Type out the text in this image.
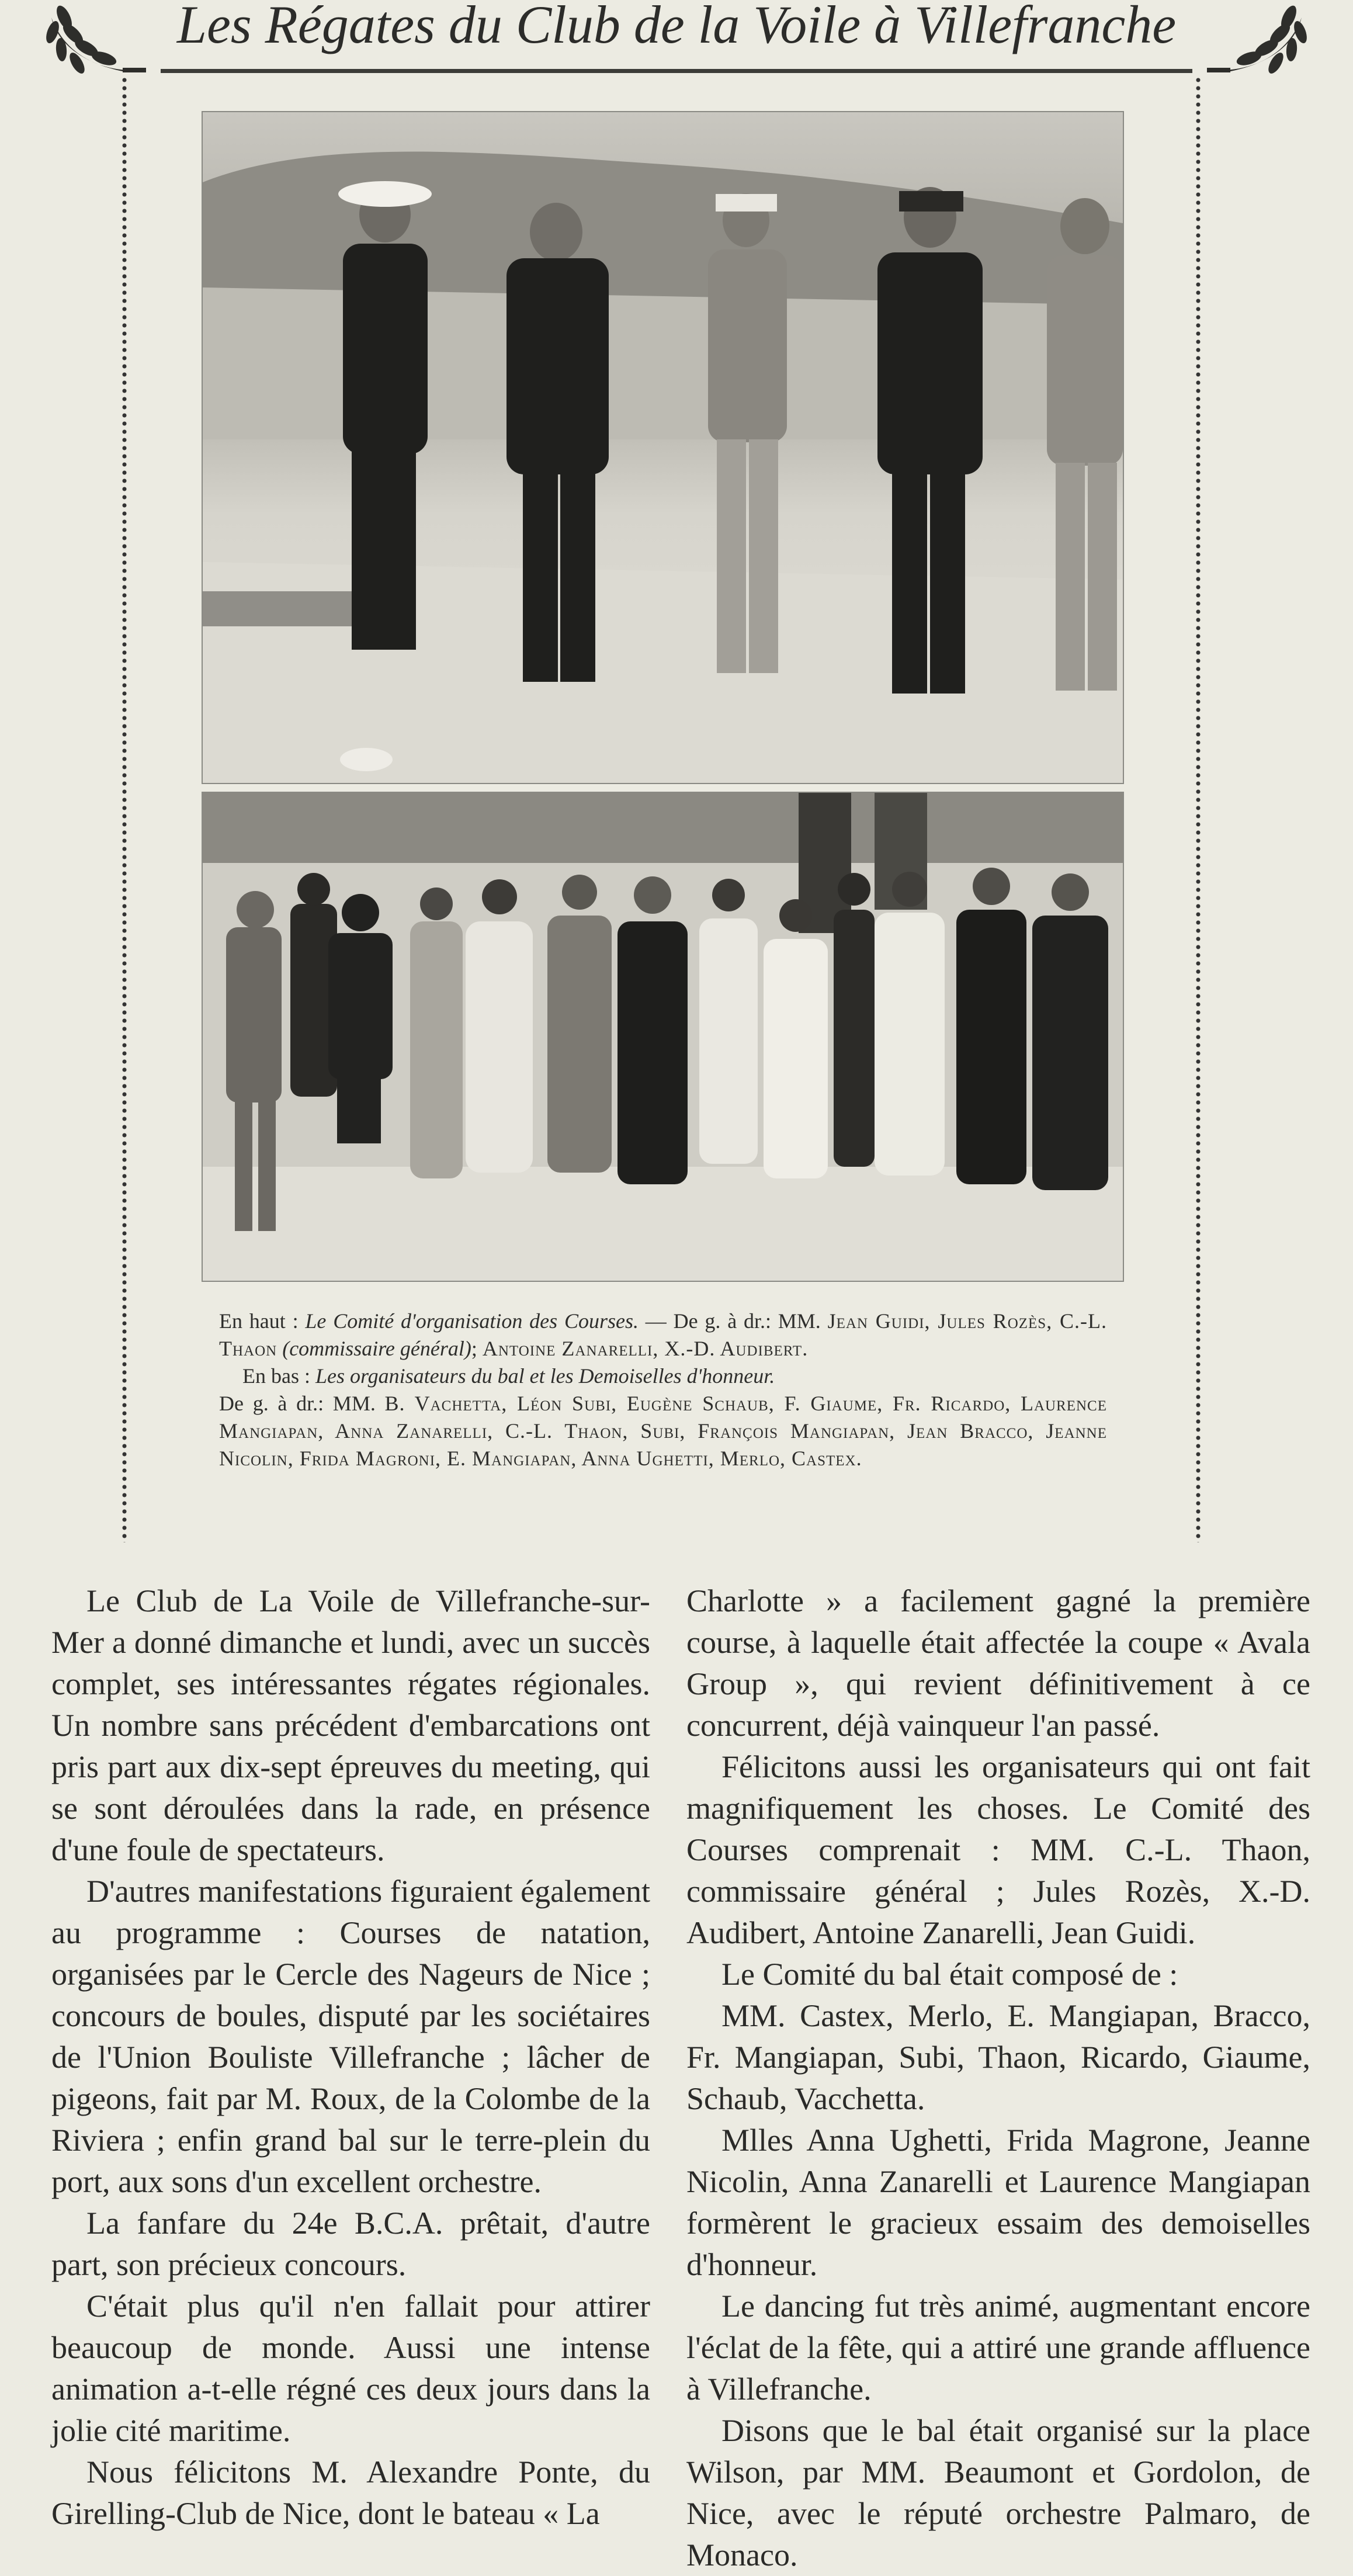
Les Régates du Club de la Voile à Villefranche

En haut : Le Comité d'organisation des Courses. — De g. à dr.: MM. Jean Guidi, Jules Rozès, C.-L. Thaon (commissaire général); Antoine Zanarelli, X.-D. Audibert.

En bas : Les organisateurs du bal et les Demoiselles d'honneur.

De g. à dr.: MM. B. Vachetta, Léon Subi, Eugène Schaub, F. Giaume, Fr. Ricardo, Laurence Mangiapan, Anna Zanarelli, C.-L. Thaon, Subi, François Mangiapan, Jean Bracco, Jeanne Nicolin, Frida Magroni, E. Mangiapan, Anna Ughetti, Merlo, Castex.

Le Club de La Voile de Villefranche-sur-Mer a donné dimanche et lundi, avec un succès complet, ses intéressantes régates régionales. Un nombre sans précédent d'embarcations ont pris part aux dix-sept épreuves du meeting, qui se sont déroulées dans la rade, en présence d'une foule de spectateurs.

D'autres manifestations figuraient également au programme : Courses de natation, organisées par le Cercle des Nageurs de Nice ; concours de boules, disputé par les sociétaires de l'Union Bouliste Villefranche ; lâcher de pigeons, fait par M. Roux, de la Colombe de la Riviera ; enfin grand bal sur le terre-plein du port, aux sons d'un excellent orchestre.

La fanfare du 24e B.C.A. prêtait, d'autre part, son précieux concours.

C'était plus qu'il n'en fallait pour attirer beaucoup de monde. Aussi une intense animation a-t-elle régné ces deux jours dans la jolie cité maritime.

Nous félicitons M. Alexandre Ponte, du Girelling-Club de Nice, dont le bateau « La

Charlotte » a facilement gagné la première course, à laquelle était affectée la coupe « Avala Group », qui revient définitivement à ce concurrent, déjà vainqueur l'an passé.

Félicitons aussi les organisateurs qui ont fait magnifiquement les choses. Le Comité des Courses comprenait : MM. C.-L. Thaon, commissaire général ; Jules Rozès, X.-D. Audibert, Antoine Zanarelli, Jean Guidi.

Le Comité du bal était composé de :

MM. Castex, Merlo, E. Mangiapan, Bracco, Fr. Mangiapan, Subi, Thaon, Ricardo, Giaume, Schaub, Vacchetta.

Mlles Anna Ughetti, Frida Magrone, Jeanne Nicolin, Anna Zanarelli et Laurence Mangiapan formèrent le gracieux essaim des demoiselles d'honneur.

Le dancing fut très animé, augmentant encore l'éclat de la fête, qui a attiré une grande affluence à Villefranche.

Disons que le bal était organisé sur la place Wilson, par MM. Beaumont et Gordolon, de Nice, avec le réputé orchestre Palmaro, de Monaco.
